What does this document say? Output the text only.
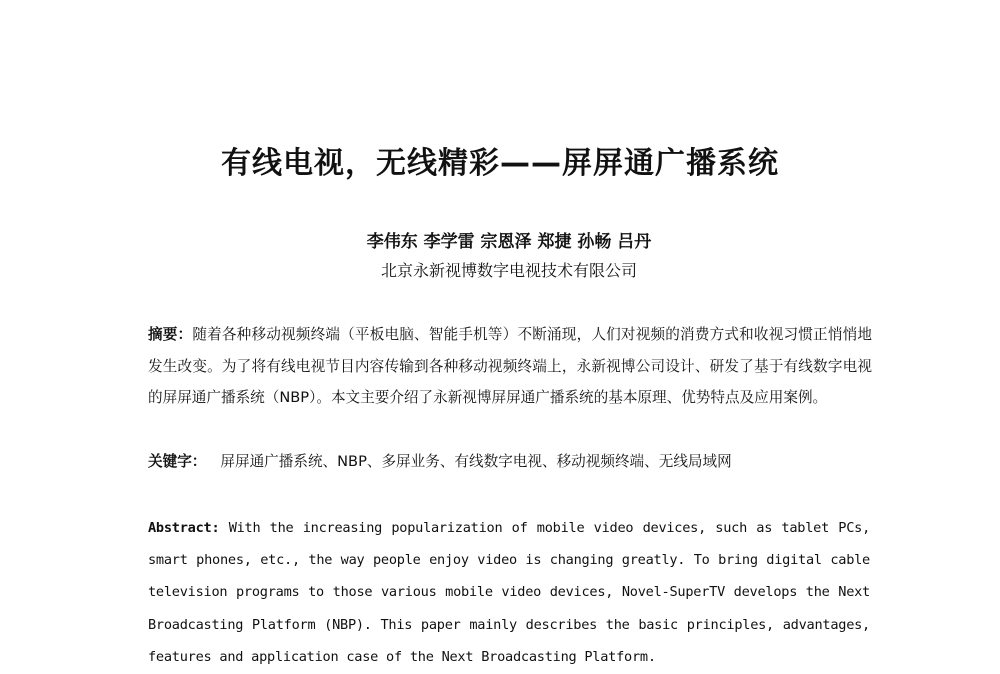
有线电视，无线精彩——屏屏通广播系统
李伟东 李学雷 宗恩泽 郑捷 孙畅 吕丹
北京永新视博数字电视技术有限公司
摘要：随着各种移动视频终端（平板电脑、智能手机等）不断涌现，人们对视频的消费方式和收视习惯正悄悄地发生改变。为了将有线电视节目内容传输到各种移动视频终端上，永新视博公司设计、研发了基于有线数字电视的屏屏通广播系统（NBP）。本文主要介绍了永新视博屏屏通广播系统的基本原理、优势特点及应用案例。
关键字： 屏屏通广播系统、NBP、多屏业务、有线数字电视、移动视频终端、无线局域网
Abstract: With the increasing popularization of mobile video devices, such as tablet PCs, smart phones, etc., the way people enjoy video is changing greatly. To bring digital cable television programs to those various mobile video devices, Novel-SuperTV develops the Next Broadcasting Platform (NBP). This paper mainly describes the basic principles, advantages, features and application case of the Next Broadcasting Platform.
